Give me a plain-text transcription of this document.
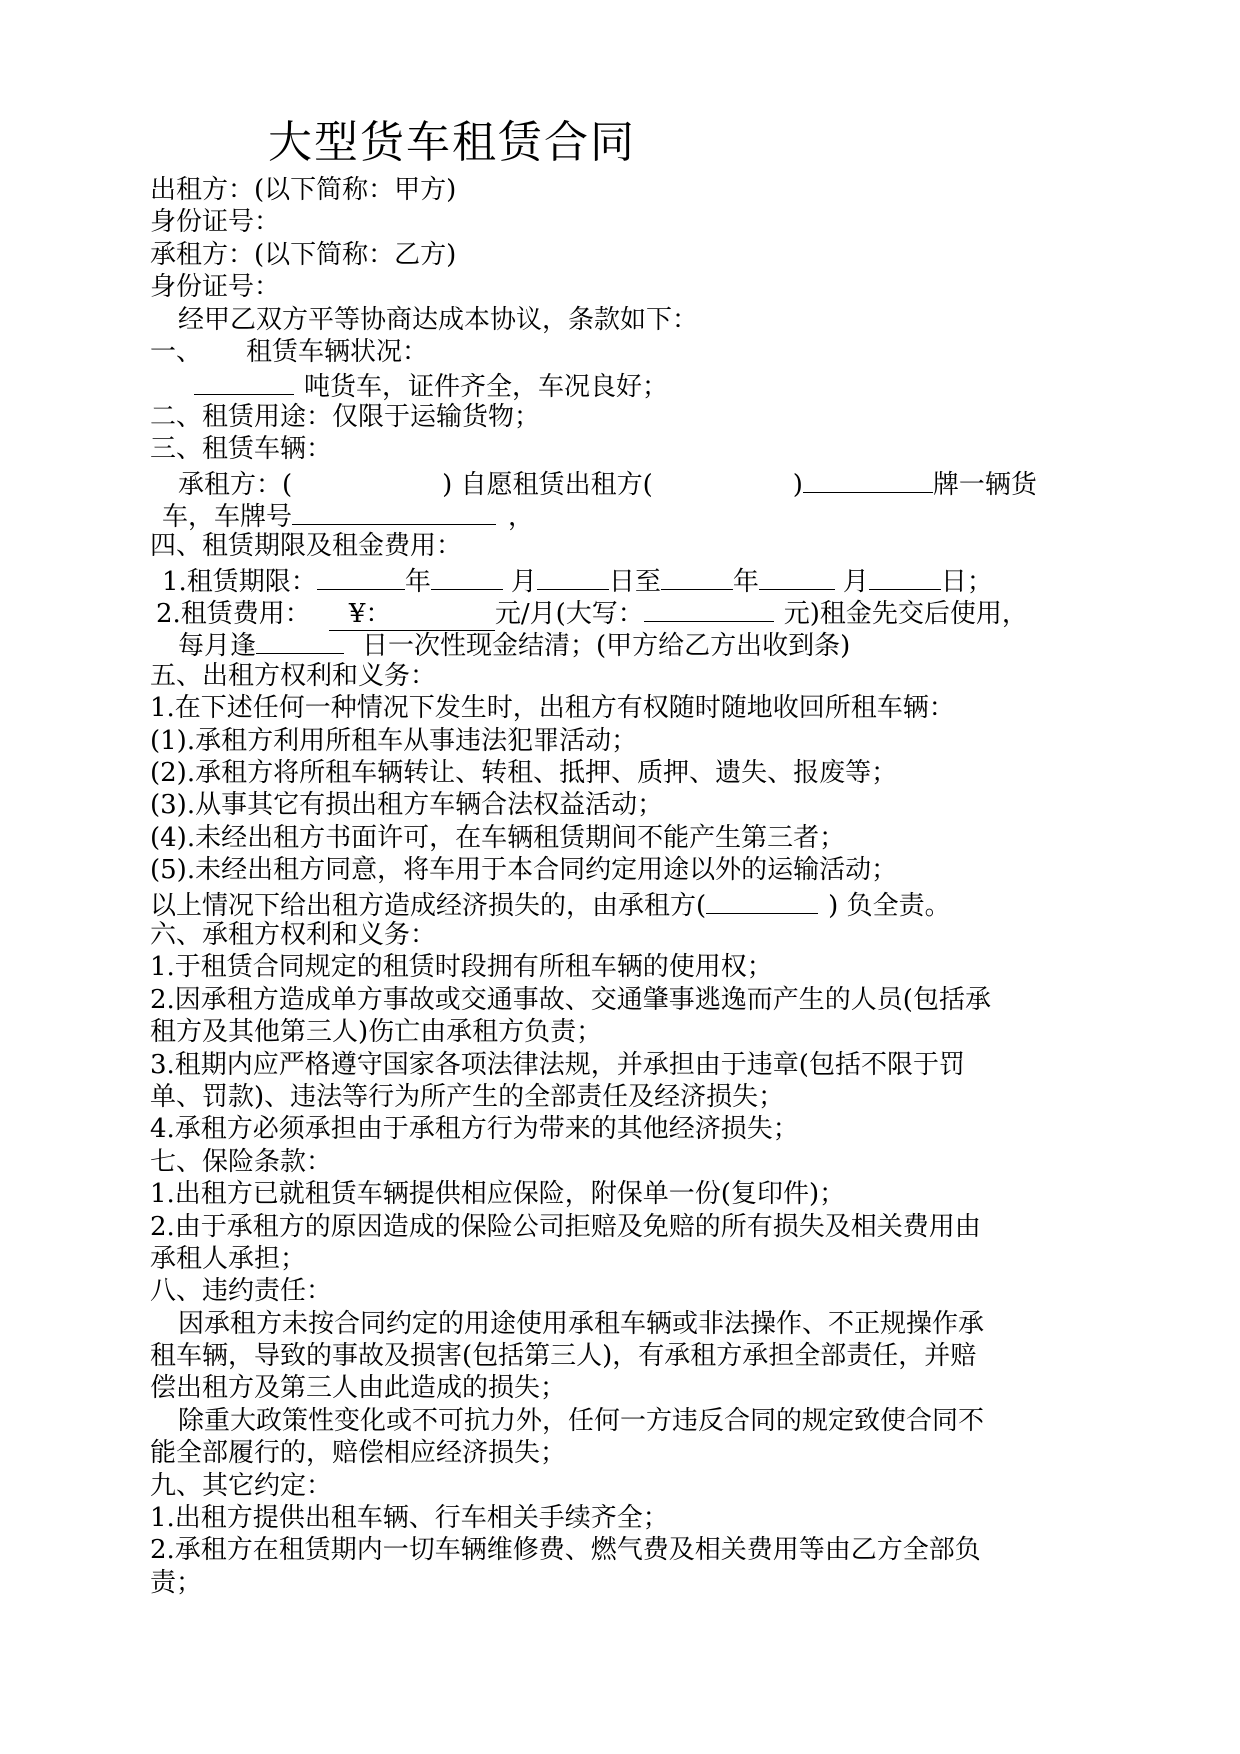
大型货车租赁合同
出租方：(以下简称：甲方)
身份证号：
承租方：(以下简称：乙方)
身份证号：
经甲乙双方平等协商达成本协议，条款如下：
一、 租赁车辆状况：
吨货车，证件齐全，车况良好；
二、租赁用途：仅限于运输货物；
三、租赁车辆：
承租方：(	) 自愿租赁出租方(	)	牌一辆货
车，车牌号	，
四、租赁期限及租金费用：
1.租赁期限：	年	月	日至	年	月	日；
2.租赁费用： ¥：	元/月(大写：	元)租金先交后使用，
每月逢	日一次性现金结清；(甲方给乙方出收到条)
五、出租方权利和义务：
1.在下述任何一种情况下发生时，出租方有权随时随地收回所租车辆：
(1).承租方利用所租车从事违法犯罪活动；
(2).承租方将所租车辆转让、转租、抵押、质押、遗失、报废等；
(3).从事其它有损出租方车辆合法权益活动；
(4).未经出租方书面许可，在车辆租赁期间不能产生第三者；
(5).未经出租方同意，将车用于本合同约定用途以外的运输活动；
以上情况下给出租方造成经济损失的，由承租方(	) 负全责。
六、承租方权利和义务：
1.于租赁合同规定的租赁时段拥有所租车辆的使用权；
2.因承租方造成单方事故或交通事故、交通肇事逃逸而产生的人员(包括承
租方及其他第三人)伤亡由承租方负责；
3.租期内应严格遵守国家各项法律法规，并承担由于违章(包括不限于罚
单、罚款)、违法等行为所产生的全部责任及经济损失；
4.承租方必须承担由于承租方行为带来的其他经济损失；
七、保险条款：
1.出租方已就租赁车辆提供相应保险，附保单一份(复印件)；
2.由于承租方的原因造成的保险公司拒赔及免赔的所有损失及相关费用由
承租人承担；
八、违约责任：
因承租方未按合同约定的用途使用承租车辆或非法操作、不正规操作承
租车辆，导致的事故及损害(包括第三人)，有承租方承担全部责任，并赔
偿出租方及第三人由此造成的损失；
除重大政策性变化或不可抗力外，任何一方违反合同的规定致使合同不
能全部履行的，赔偿相应经济损失；
九、其它约定：
1.出租方提供出租车辆、行车相关手续齐全；
2.承租方在租赁期内一切车辆维修费、燃气费及相关费用等由乙方全部负
责；
